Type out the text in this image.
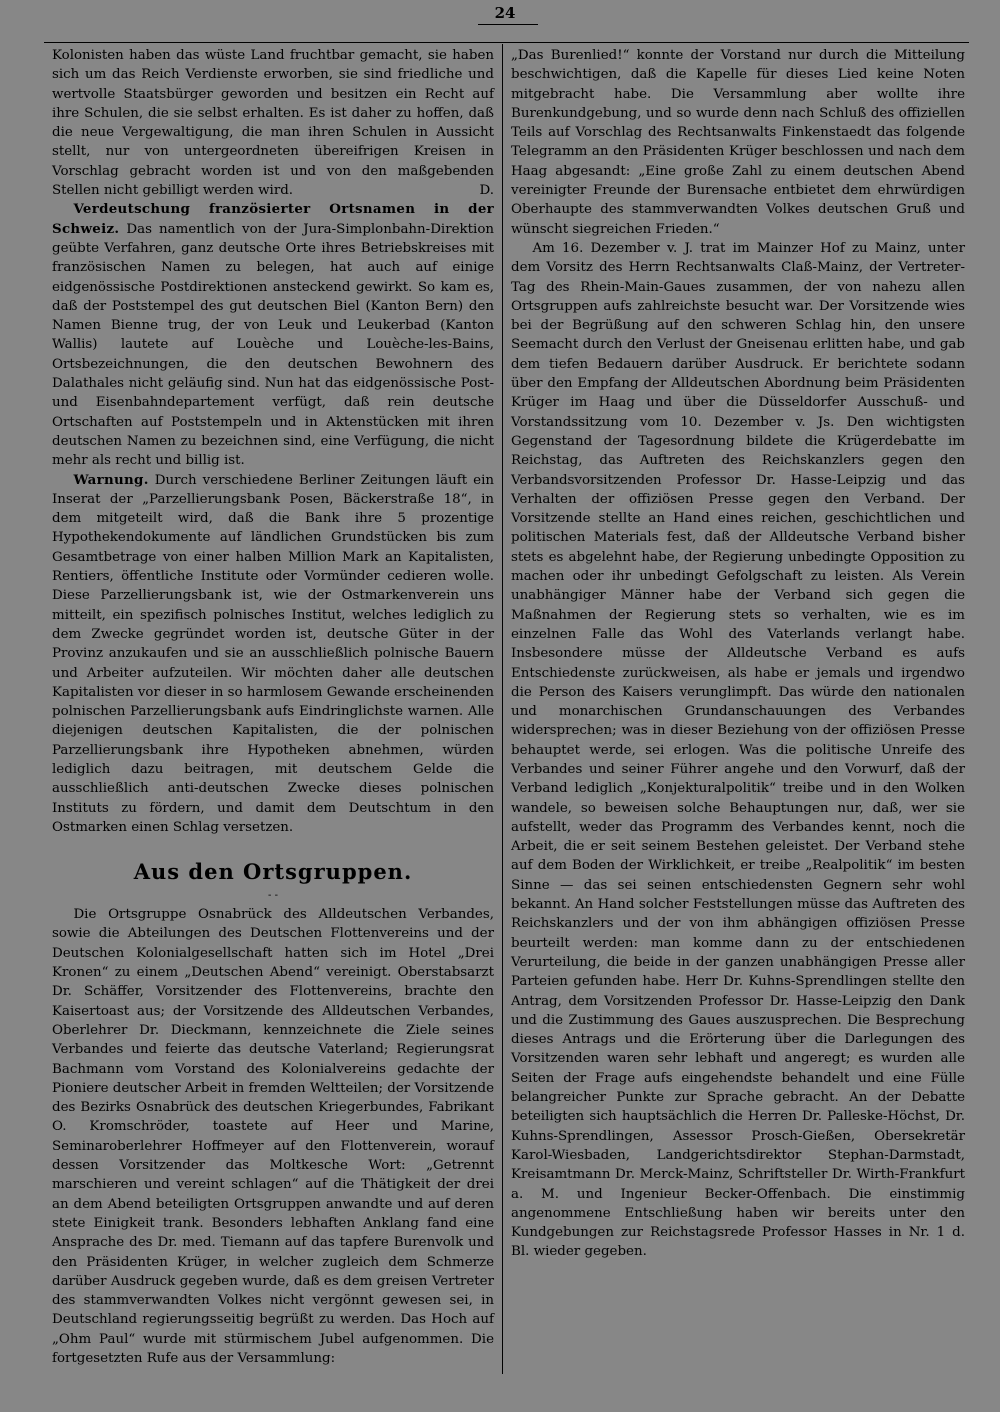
24

Kolonisten haben das wüste Land fruchtbar gemacht, sie haben sich um das Reich Verdienste erworben, sie sind friedliche und wertvolle Staatsbürger geworden und besitzen ein Recht auf ihre Schulen, die sie selbst erhalten. Es ist daher zu hoffen, daß die neue Vergewaltigung, die man ihren Schulen in Aussicht stellt, nur von untergeordneten übereifrigen Kreisen in Vorschlag gebracht worden ist und von den maßgebenden Stellen nicht gebilligt werden wird.	D.

Verdeutschung französierter Ortsnamen in der Schweiz. Das namentlich von der Jura-Simplonbahn-Direktion geübte Verfahren, ganz deutsche Orte ihres Betriebskreises mit französischen Namen zu belegen, hat auch auf einige eidgenössische Postdirektionen ansteckend gewirkt. So kam es, daß der Poststempel des gut deutschen Biel (Kanton Bern) den Namen Bienne trug, der von Leuk und Leukerbad (Kanton Wallis) lautete auf Louèche und Louèche-les-Bains, Ortsbezeichnungen, die den deutschen Bewohnern des Dalathales nicht geläufig sind. Nun hat das eidgenössische Post- und Eisenbahndepartement verfügt, daß rein deutsche Ortschaften auf Poststempeln und in Aktenstücken mit ihren deutschen Namen zu bezeichnen sind, eine Verfügung, die nicht mehr als recht und billig ist.

Warnung. Durch verschiedene Berliner Zeitungen läuft ein Inserat der „Parzellierungsbank Posen, Bäckerstraße 18“, in dem mitgeteilt wird, daß die Bank ihre 5 prozentige Hypothekendokumente auf ländlichen Grundstücken bis zum Gesamtbetrage von einer halben Million Mark an Kapitalisten, Rentiers, öffentliche Institute oder Vormünder cedieren wolle. Diese Parzellierungsbank ist, wie der Ostmarkenverein uns mitteilt, ein spezifisch polnisches Institut, welches lediglich zu dem Zwecke gegründet worden ist, deutsche Güter in der Provinz anzukaufen und sie an ausschließlich polnische Bauern und Arbeiter aufzuteilen. Wir möchten daher alle deutschen Kapitalisten vor dieser in so harmlosem Gewande erscheinenden polnischen Parzellierungsbank aufs Eindringlichste warnen. Alle diejenigen deutschen Kapitalisten, die der polnischen Parzellierungsbank ihre Hypotheken abnehmen, würden lediglich dazu beitragen, mit deutschem Gelde die ausschließlich anti-deutschen Zwecke dieses polnischen Instituts zu fördern, und damit dem Deutschtum in den Ostmarken einen Schlag versetzen.

Aus den Ortsgruppen.
- -

Die Ortsgruppe Osnabrück des Alldeutschen Verbandes, sowie die Abteilungen des Deutschen Flottenvereins und der Deutschen Kolonialgesellschaft hatten sich im Hotel „Drei Kronen“ zu einem „Deutschen Abend“ vereinigt. Oberstabsarzt Dr. Schäffer, Vorsitzender des Flottenvereins, brachte den Kaisertoast aus; der Vorsitzende des Alldeutschen Verbandes, Oberlehrer Dr. Dieckmann, kennzeichnete die Ziele seines Verbandes und feierte das deutsche Vaterland; Regierungsrat Bachmann vom Vorstand des Kolonialvereins gedachte der Pioniere deutscher Arbeit in fremden Weltteilen; der Vorsitzende des Bezirks Osnabrück des deutschen Kriegerbundes, Fabrikant O. Kromschröder, toastete auf Heer und Marine, Seminaroberlehrer Hoffmeyer auf den Flottenverein, worauf dessen Vorsitzender das Moltkesche Wort: „Getrennt marschieren und vereint schlagen“ auf die Thätigkeit der drei an dem Abend beteiligten Ortsgruppen anwandte und auf deren stete Einigkeit trank. Besonders lebhaften Anklang fand eine Ansprache des Dr. med. Tiemann auf das tapfere Burenvolk und den Präsidenten Krüger, in welcher zugleich dem Schmerze darüber Ausdruck gegeben wurde, daß es dem greisen Vertreter des stammverwandten Volkes nicht vergönnt gewesen sei, in Deutschland regierungsseitig begrüßt zu werden. Das Hoch auf „Ohm Paul“ wurde mit stürmischem Jubel aufgenommen. Die fortgesetzten Rufe aus der Versammlung:

„Das Burenlied!“ konnte der Vorstand nur durch die Mitteilung beschwichtigen, daß die Kapelle für dieses Lied keine Noten mitgebracht habe. Die Versammlung aber wollte ihre Burenkundgebung, und so wurde denn nach Schluß des offiziellen Teils auf Vorschlag des Rechtsanwalts Finkenstaedt das folgende Telegramm an den Präsidenten Krüger beschlossen und nach dem Haag abgesandt: „Eine große Zahl zu einem deutschen Abend vereinigter Freunde der Burensache entbietet dem ehrwürdigen Oberhaupte des stammverwandten Volkes deutschen Gruß und wünscht siegreichen Frieden.“

Am 16. Dezember v. J. trat im Mainzer Hof zu Mainz, unter dem Vorsitz des Herrn Rechtsanwalts Claß-Mainz, der Vertreter-Tag des Rhein-Main-Gaues zusammen, der von nahezu allen Ortsgruppen aufs zahlreichste besucht war. Der Vorsitzende wies bei der Begrüßung auf den schweren Schlag hin, den unsere Seemacht durch den Verlust der Gneisenau erlitten habe, und gab dem tiefen Bedauern darüber Ausdruck. Er berichtete sodann über den Empfang der Alldeutschen Abordnung beim Präsidenten Krüger im Haag und über die Düsseldorfer Ausschuß- und Vorstandssitzung vom 10. Dezember v. Js. Den wichtigsten Gegenstand der Tagesordnung bildete die Krügerdebatte im Reichstag, das Auftreten des Reichskanzlers gegen den Verbandsvorsitzenden Professor Dr. Hasse-Leipzig und das Verhalten der offiziösen Presse gegen den Verband. Der Vorsitzende stellte an Hand eines reichen, geschichtlichen und politischen Materials fest, daß der Alldeutsche Verband bisher stets es abgelehnt habe, der Regierung unbedingte Opposition zu machen oder ihr unbedingt Gefolgschaft zu leisten. Als Verein unabhängiger Männer habe der Verband sich gegen die Maßnahmen der Regierung stets so verhalten, wie es im einzelnen Falle das Wohl des Vaterlands verlangt habe. Insbesondere müsse der Alldeutsche Verband es aufs Entschiedenste zurückweisen, als habe er jemals und irgendwo die Person des Kaisers verunglimpft. Das würde den nationalen und monarchischen Grundanschauungen des Verbandes widersprechen; was in dieser Beziehung von der offiziösen Presse behauptet werde, sei erlogen. Was die politische Unreife des Verbandes und seiner Führer angehe und den Vorwurf, daß der Verband lediglich „Konjekturalpolitik“ treibe und in den Wolken wandele, so beweisen solche Behauptungen nur, daß, wer sie aufstellt, weder das Programm des Verbandes kennt, noch die Arbeit, die er seit seinem Bestehen geleistet. Der Verband stehe auf dem Boden der Wirklichkeit, er treibe „Realpolitik“ im besten Sinne — das sei seinen entschiedensten Gegnern sehr wohl bekannt. An Hand solcher Feststellungen müsse das Auftreten des Reichskanzlers und der von ihm abhängigen offiziösen Presse beurteilt werden: man komme dann zu der entschiedenen Verurteilung, die beide in der ganzen unabhängigen Presse aller Parteien gefunden habe. Herr Dr. Kuhns-Sprendlingen stellte den Antrag, dem Vorsitzenden Professor Dr. Hasse-Leipzig den Dank und die Zustimmung des Gaues auszusprechen. Die Besprechung dieses Antrags und die Erörterung über die Darlegungen des Vorsitzenden waren sehr lebhaft und angeregt; es wurden alle Seiten der Frage aufs eingehendste behandelt und eine Fülle belangreicher Punkte zur Sprache gebracht. An der Debatte beteiligten sich hauptsächlich die Herren Dr. Palleske-Höchst, Dr. Kuhns-Sprendlingen, Assessor Prosch-Gießen, Obersekretär Karol-Wiesbaden, Landgerichtsdirektor Stephan-Darmstadt, Kreisamtmann Dr. Merck-Mainz, Schriftsteller Dr. Wirth-Frankfurt a. M. und Ingenieur Becker-Offenbach. Die einstimmig angenommene Entschließung haben wir bereits unter den Kundgebungen zur Reichstagsrede Professor Hasses in Nr. 1 d. Bl. wieder gegeben.
